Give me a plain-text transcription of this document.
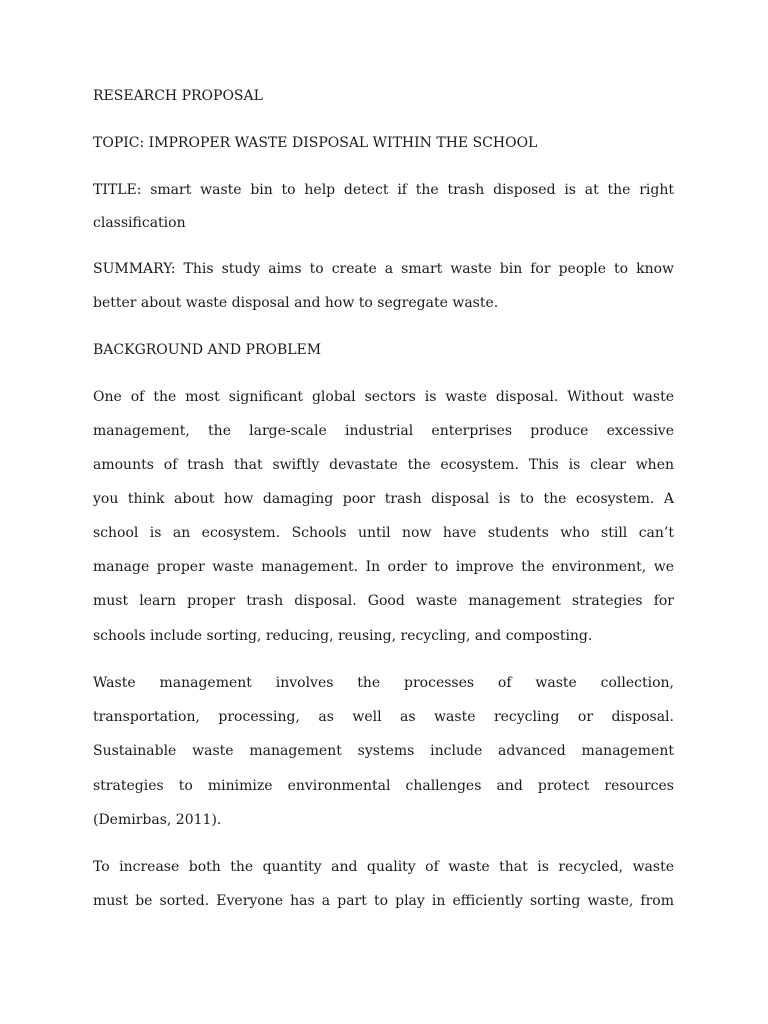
RESEARCH PROPOSAL
TOPIC: IMPROPER WASTE DISPOSAL WITHIN THE SCHOOL
TITLE: smart waste bin to help detect if the trash disposed is at the right
classification
SUMMARY: This study aims to create a smart waste bin for people to know
better about waste disposal and how to segregate waste.
BACKGROUND AND PROBLEM
One of the most significant global sectors is waste disposal. Without waste
management, the large-scale industrial enterprises produce excessive
amounts of trash that swiftly devastate the ecosystem. This is clear when
you think about how damaging poor trash disposal is to the ecosystem. A
school is an ecosystem. Schools until now have students who still can’t
manage proper waste management. In order to improve the environment, we
must learn proper trash disposal. Good waste management strategies for
schools include sorting, reducing, reusing, recycling, and composting.
Waste management involves the processes of waste collection,
transportation, processing, as well as waste recycling or disposal.
Sustainable waste management systems include advanced management
strategies to minimize environmental challenges and protect resources
(Demirbas, 2011).
To increase both the quantity and quality of waste that is recycled, waste
must be sorted. Everyone has a part to play in efficiently sorting waste, from
